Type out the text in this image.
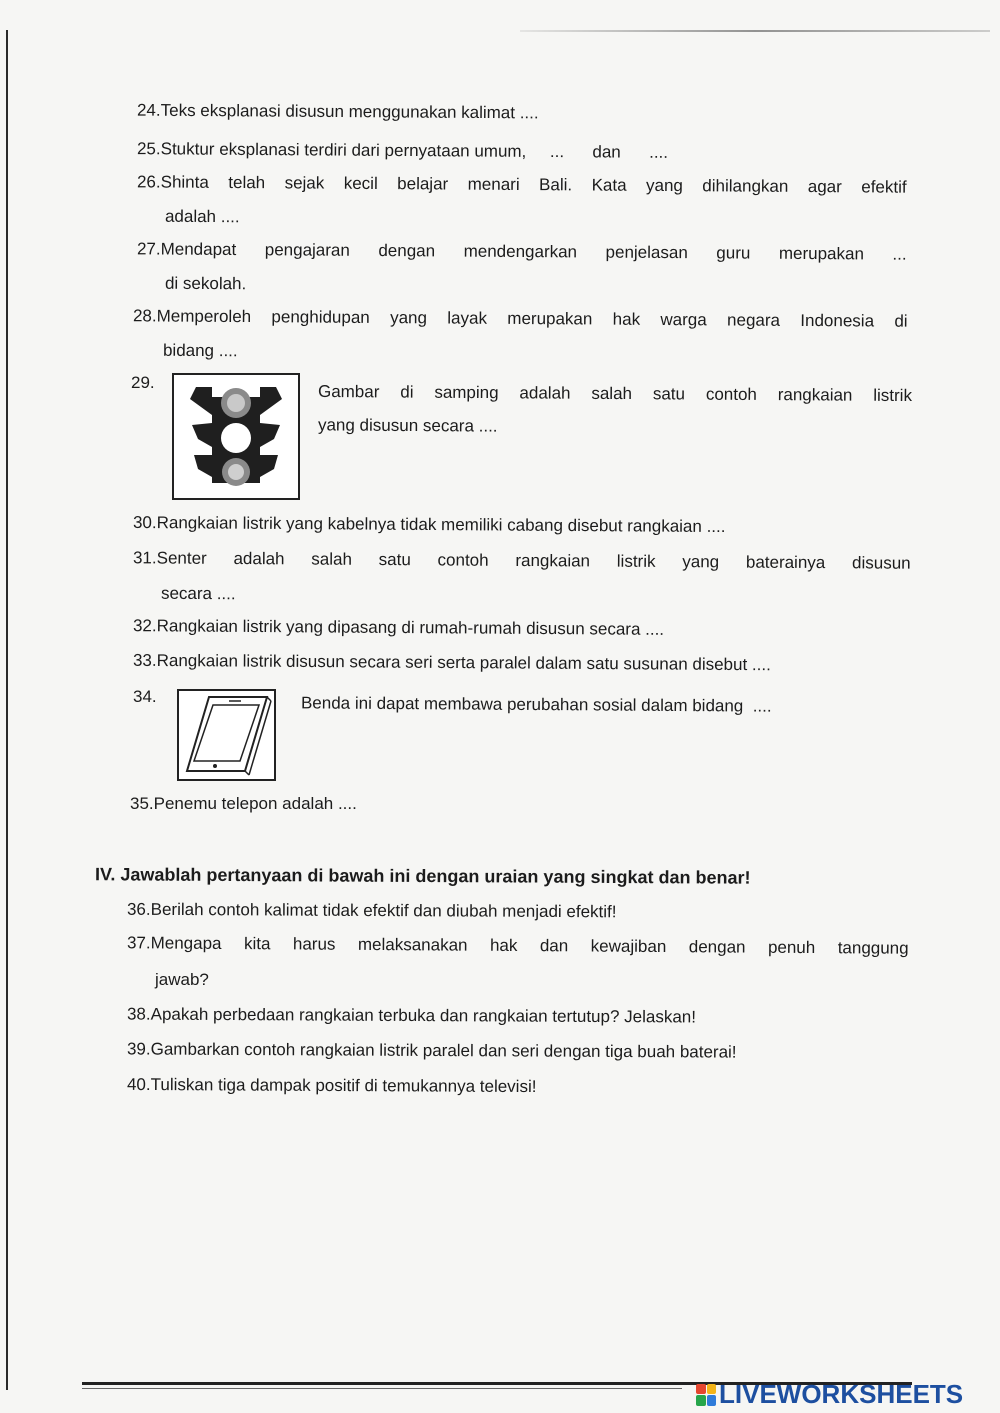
24.Teks eksplanasi disusun menggunakan kalimat ....
25.Stuktur eksplanasi terdiri dari pernyataan umum,     ...      dan      ....
26.Shinta telah sejak kecil belajar menari Bali. Kata yang dihilangkan agar efektif
adalah ....
27.Mendapat pengajaran dengan mendengarkan penjelasan guru merupakan ...
di sekolah.
28.Memperoleh penghidupan yang layak merupakan hak warga negara Indonesia di
bidang ....
29.	Gambar di samping adalah salah satu contoh rangkaian listrik
yang disusun secara ....
30.Rangkaian listrik yang kabelnya tidak memiliki cabang disebut rangkaian ....
31.Senter adalah salah satu contoh rangkaian listrik yang baterainya disusun
secara ....
32.Rangkaian listrik yang dipasang di rumah-rumah disusun secara ....
33.Rangkaian listrik disusun secara seri serta paralel dalam satu susunan disebut ....
34.	Benda ini dapat membawa perubahan sosial dalam bidang  ....
35.Penemu telepon adalah ....
IV. Jawablah pertanyaan di bawah ini dengan uraian yang singkat dan benar!
36.Berilah contoh kalimat tidak efektif dan diubah menjadi efektif!
37.Mengapa kita harus melaksanakan hak dan kewajiban dengan penuh tanggung
jawab?
38.Apakah perbedaan rangkaian terbuka dan rangkaian tertutup? Jelaskan!
39.Gambarkan contoh rangkaian listrik paralel dan seri dengan tiga buah baterai!
40.Tuliskan tiga dampak positif di temukannya televisi!
LIVEWORKSHEETS
